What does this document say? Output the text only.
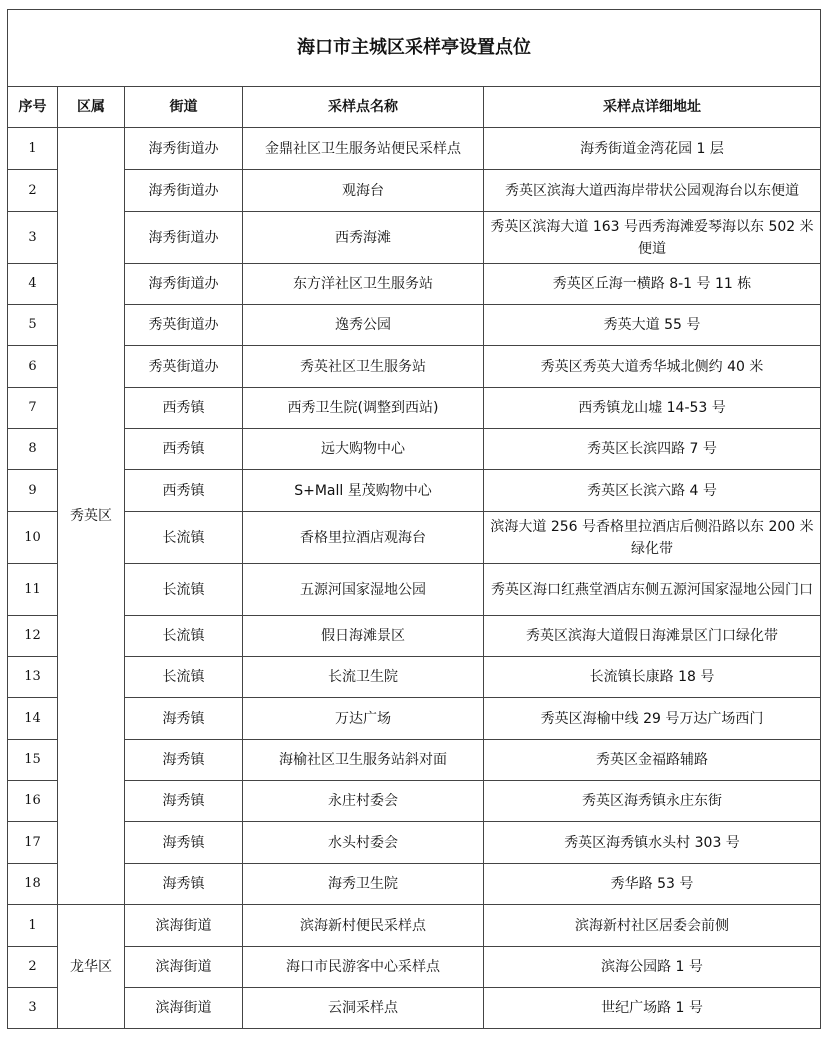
海口市主城区采样亭设置点位				
序号	区属	街道	采样点名称	采样点详细地址
1	秀英区	海秀街道办	金鼎社区卫生服务站便民采样点	海秀街道金湾花园 1 层
2		海秀街道办	观海台	秀英区滨海大道西海岸带状公园观海台以东便道
3		海秀街道办	西秀海滩	秀英区滨海大道 163 号西秀海滩爱琴海以东 502 米便道
4		海秀街道办	东方洋社区卫生服务站	秀英区丘海一横路 8-1 号 11 栋
5		秀英街道办	逸秀公园	秀英大道 55 号
6		秀英街道办	秀英社区卫生服务站	秀英区秀英大道秀华城北侧约 40 米
7		西秀镇	西秀卫生院(调整到西站)	西秀镇龙山墟 14-53 号
8		西秀镇	远大购物中心	秀英区长滨四路 7 号
9		西秀镇	S+Mall 星茂购物中心	秀英区长滨六路 4 号
10		长流镇	香格里拉酒店观海台	滨海大道 256 号香格里拉酒店后侧沿路以东 200 米绿化带
11		长流镇	五源河国家湿地公园	秀英区海口红燕堂酒店东侧五源河国家湿地公园门口
12		长流镇	假日海滩景区	秀英区滨海大道假日海滩景区门口绿化带
13		长流镇	长流卫生院	长流镇长康路 18 号
14		海秀镇	万达广场	秀英区海榆中线 29 号万达广场西门
15		海秀镇	海榆社区卫生服务站斜对面	秀英区金福路辅路
16		海秀镇	永庄村委会	秀英区海秀镇永庄东街
17		海秀镇	水头村委会	秀英区海秀镇水头村 303 号
18		海秀镇	海秀卫生院	秀华路 53 号
1	龙华区	滨海街道	滨海新村便民采样点	滨海新村社区居委会前侧
2		滨海街道	海口市民游客中心采样点	滨海公园路 1 号
3		滨海街道	云洞采样点	世纪广场路 1 号
